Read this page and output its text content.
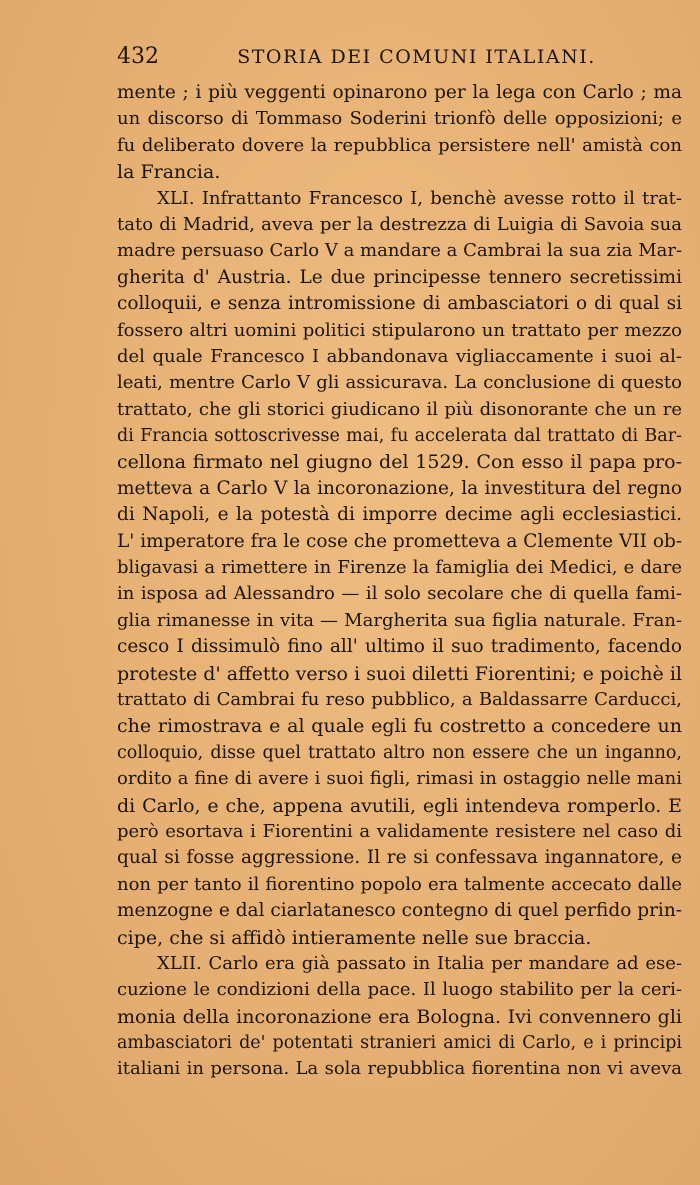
432	STORIA DEI COMUNI ITALIANI.
mente ; i più veggenti opinarono per la lega con Carlo ; ma
un discorso di Tommaso Soderini trionfò delle opposizioni; e
fu deliberato dovere la repubblica persistere nell' amistà con
la Francia.
XLI. Infrattanto Francesco I, benchè avesse rotto il trat-
tato di Madrid, aveva per la destrezza di Luigia di Savoia sua
madre persuaso Carlo V a mandare a Cambrai la sua zia Mar-
gherita d' Austria. Le due principesse tennero secretissimi
colloquii, e senza intromissione di ambasciatori o di qual si
fossero altri uomini politici stipularono un trattato per mezzo
del quale Francesco I abbandonava vigliaccamente i suoi al-
leati, mentre Carlo V gli assicurava. La conclusione di questo
trattato, che gli storici giudicano il più disonorante che un re
di Francia sottoscrivesse mai, fu accelerata dal trattato di Bar-
cellona firmato nel giugno del 1529. Con esso il papa pro-
metteva a Carlo V la incoronazione, la investitura del regno
di Napoli, e la potestà di imporre decime agli ecclesiastici.
L' imperatore fra le cose che prometteva a Clemente VII ob-
bligavasi a rimettere in Firenze la famiglia dei Medici, e dare
in isposa ad Alessandro — il solo secolare che di quella fami-
glia rimanesse in vita — Margherita sua figlia naturale. Fran-
cesco I dissimulò fino all' ultimo il suo tradimento, facendo
proteste d' affetto verso i suoi diletti Fiorentini; e poichè il
trattato di Cambrai fu reso pubblico, a Baldassarre Carducci,
che rimostrava e al quale egli fu costretto a concedere un
colloquio, disse quel trattato altro non essere che un inganno,
ordito a fine di avere i suoi figli, rimasi in ostaggio nelle mani
di Carlo, e che, appena avutili, egli intendeva romperlo. E
però esortava i Fiorentini a validamente resistere nel caso di
qual si fosse aggressione. Il re si confessava ingannatore, e
non per tanto il fiorentino popolo era talmente accecato dalle
menzogne e dal ciarlatanesco contegno di quel perfido prin-
cipe, che si affidò intieramente nelle sue braccia.
XLII. Carlo era già passato in Italia per mandare ad ese-
cuzione le condizioni della pace. Il luogo stabilito per la ceri-
monia della incoronazione era Bologna. Ivi convennero gli
ambasciatori de' potentati stranieri amici di Carlo, e i principi
italiani in persona. La sola repubblica fiorentina non vi aveva
